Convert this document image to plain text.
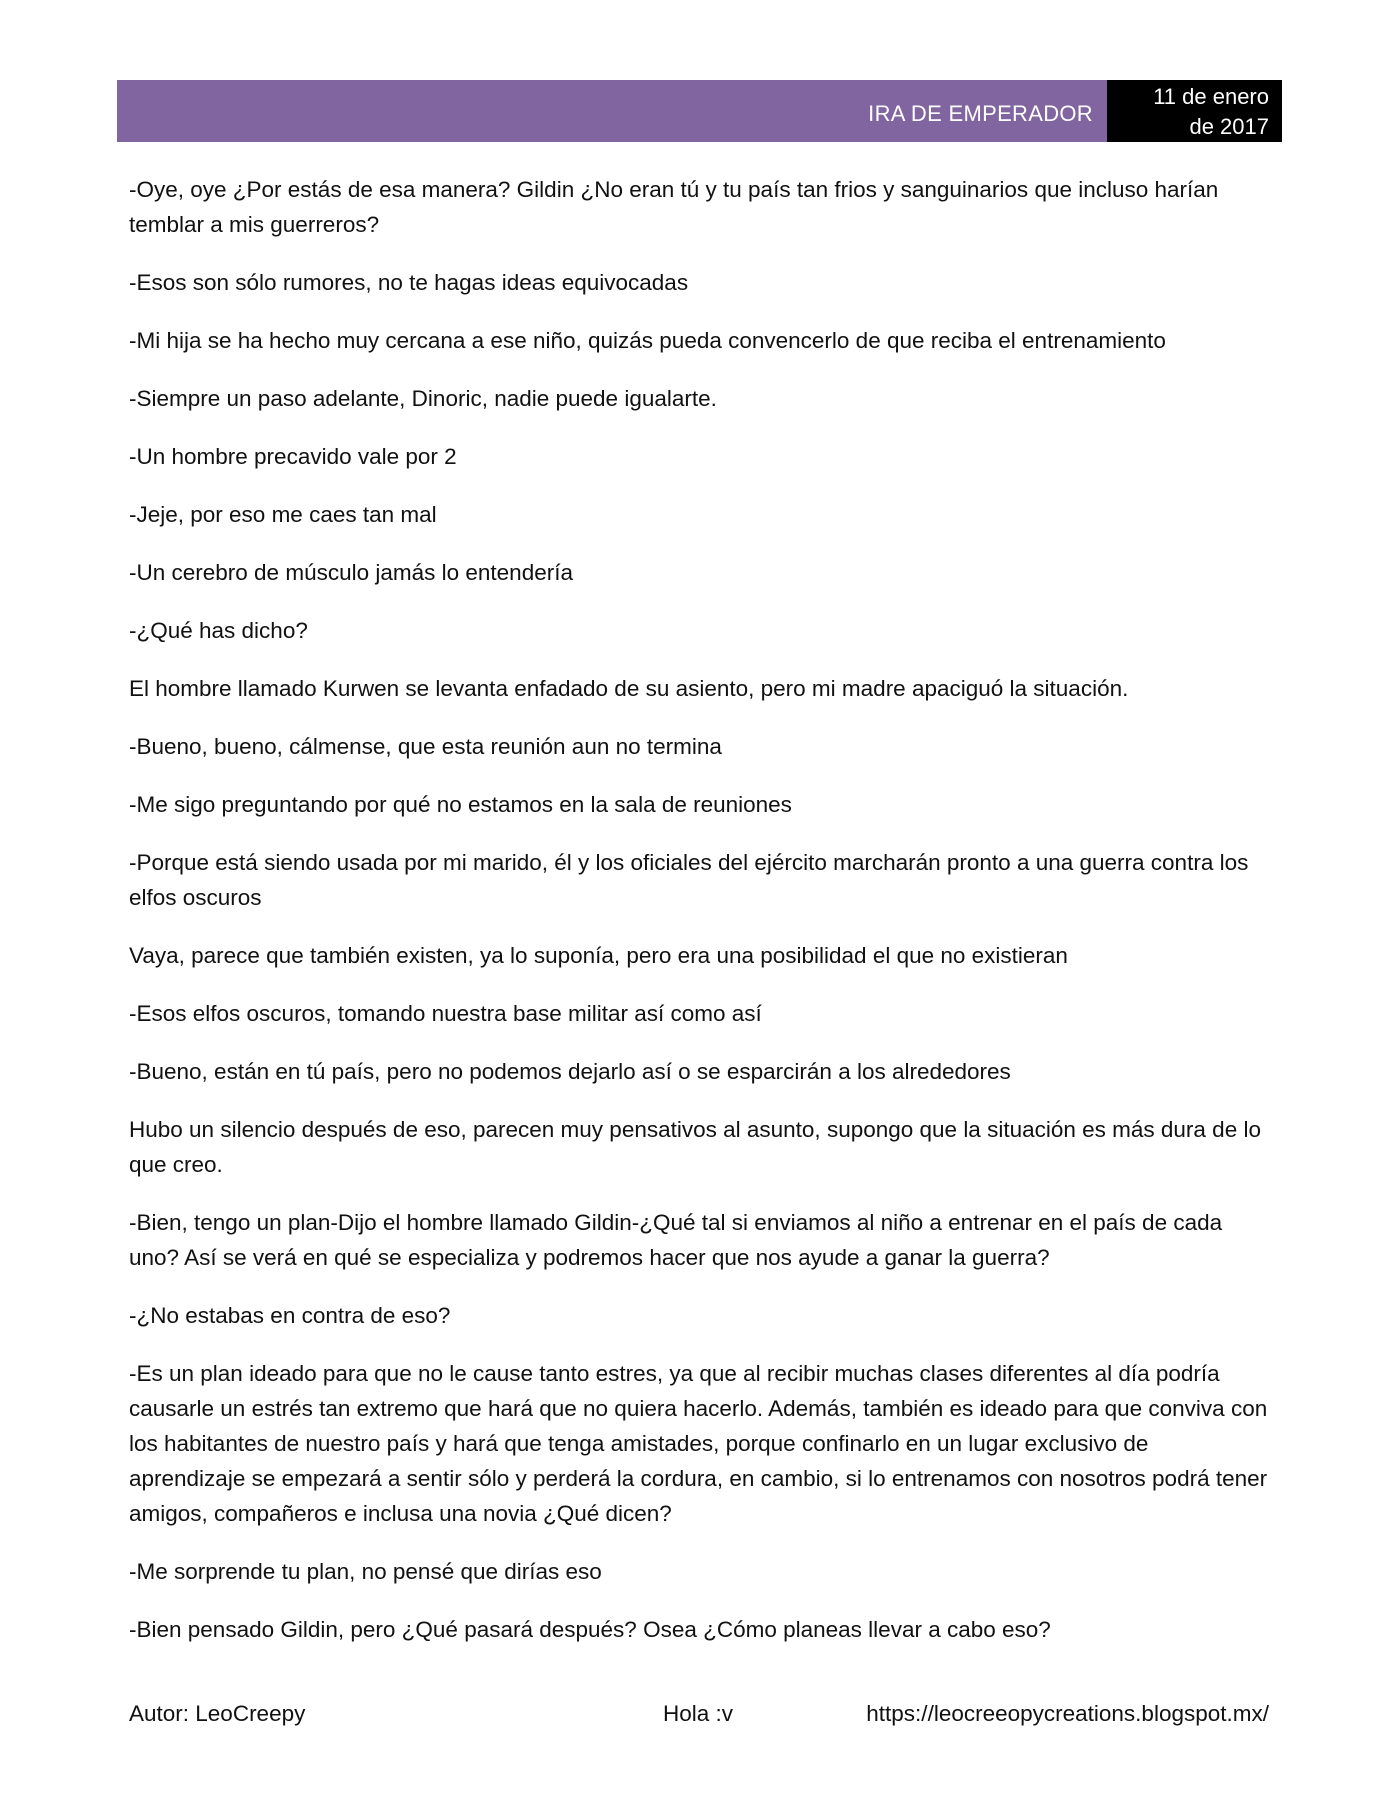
IRA DE EMPERADOR
11 de enero
de 2017

-Oye, oye ¿Por estás de esa manera? Gildin ¿No eran tú y tu país tan frios y sanguinarios que incluso harían temblar a mis guerreros?

-Esos son sólo rumores, no te hagas ideas equivocadas

-Mi hija se ha hecho muy cercana a ese niño, quizás pueda convencerlo de que reciba el entrenamiento

-Siempre un paso adelante, Dinoric, nadie puede igualarte.

-Un hombre precavido vale por 2

-Jeje, por eso me caes tan mal

-Un cerebro de músculo jamás lo entendería

-¿Qué has dicho?

El hombre llamado Kurwen se levanta enfadado de su asiento, pero mi madre apaciguó la situación.

-Bueno, bueno, cálmense, que esta reunión aun no termina

-Me sigo preguntando por qué no estamos en la sala de reuniones

-Porque está siendo usada por mi marido, él y los oficiales del ejército marcharán pronto a una guerra contra los elfos oscuros

Vaya, parece que también existen, ya lo suponía, pero era una posibilidad el que no existieran

-Esos elfos oscuros, tomando nuestra base militar así como así

-Bueno, están en tú país, pero no podemos dejarlo así o se esparcirán a los alrededores

Hubo un silencio después de eso, parecen muy pensativos al asunto, supongo que la situación es más dura de lo que creo.

-Bien, tengo un plan-Dijo el hombre llamado Gildin-¿Qué tal si enviamos al niño a entrenar en el país de cada uno? Así se verá en qué se especializa y podremos hacer que nos ayude a ganar la guerra?

-¿No estabas en contra de eso?

-Es un plan ideado para que no le cause tanto estres, ya que al recibir muchas clases diferentes al día podría causarle un estrés tan extremo que hará que no quiera hacerlo. Además, también es ideado para que conviva con los habitantes de nuestro país y hará que tenga amistades, porque confinarlo en un lugar exclusivo de aprendizaje se empezará a sentir sólo y perderá la cordura, en cambio, si lo entrenamos con nosotros podrá tener amigos, compañeros e inclusa una novia ¿Qué dicen?

-Me sorprende tu plan, no pensé que dirías eso

-Bien pensado Gildin, pero ¿Qué pasará después? Osea ¿Cómo planeas llevar a cabo eso?

Autor: LeoCreepy	Hola :v	https://leocreeopycreations.blogspot.mx/
